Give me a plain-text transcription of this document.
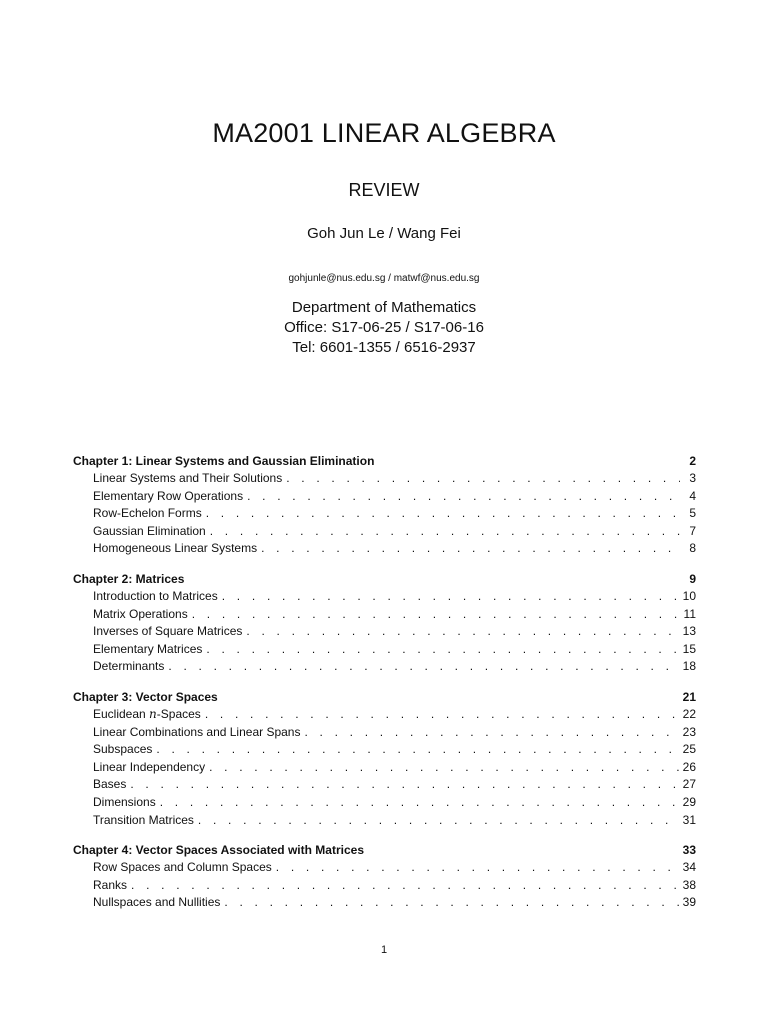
MA2001 LINEAR ALGEBRA
REVIEW
Goh Jun Le / Wang Fei
gohjunle@nus.edu.sg / matwf@nus.edu.sg
Department of Mathematics
Office: S17-06-25 / S17-06-16
Tel: 6601-1355 / 6516-2937
Chapter 1: Linear Systems and Gaussian Elimination	2
Linear Systems and Their Solutions . . .	3
Elementary Row Operations . . .	4
Row-Echelon Forms . . .	5
Gaussian Elimination . . .	7
Homogeneous Linear Systems . . .	8
Chapter 2: Matrices	9
Introduction to Matrices . . .	10
Matrix Operations . . .	11
Inverses of Square Matrices . . .	13
Elementary Matrices . . .	15
Determinants . . .	18
Chapter 3: Vector Spaces	21
Euclidean n-Spaces . . .	22
Linear Combinations and Linear Spans . . .	23
Subspaces . . .	25
Linear Independency . . .	26
Bases . . .	27
Dimensions . . .	29
Transition Matrices . . .	31
Chapter 4: Vector Spaces Associated with Matrices	33
Row Spaces and Column Spaces . . .	34
Ranks . . .	38
Nullspaces and Nullities . . .	39
1
